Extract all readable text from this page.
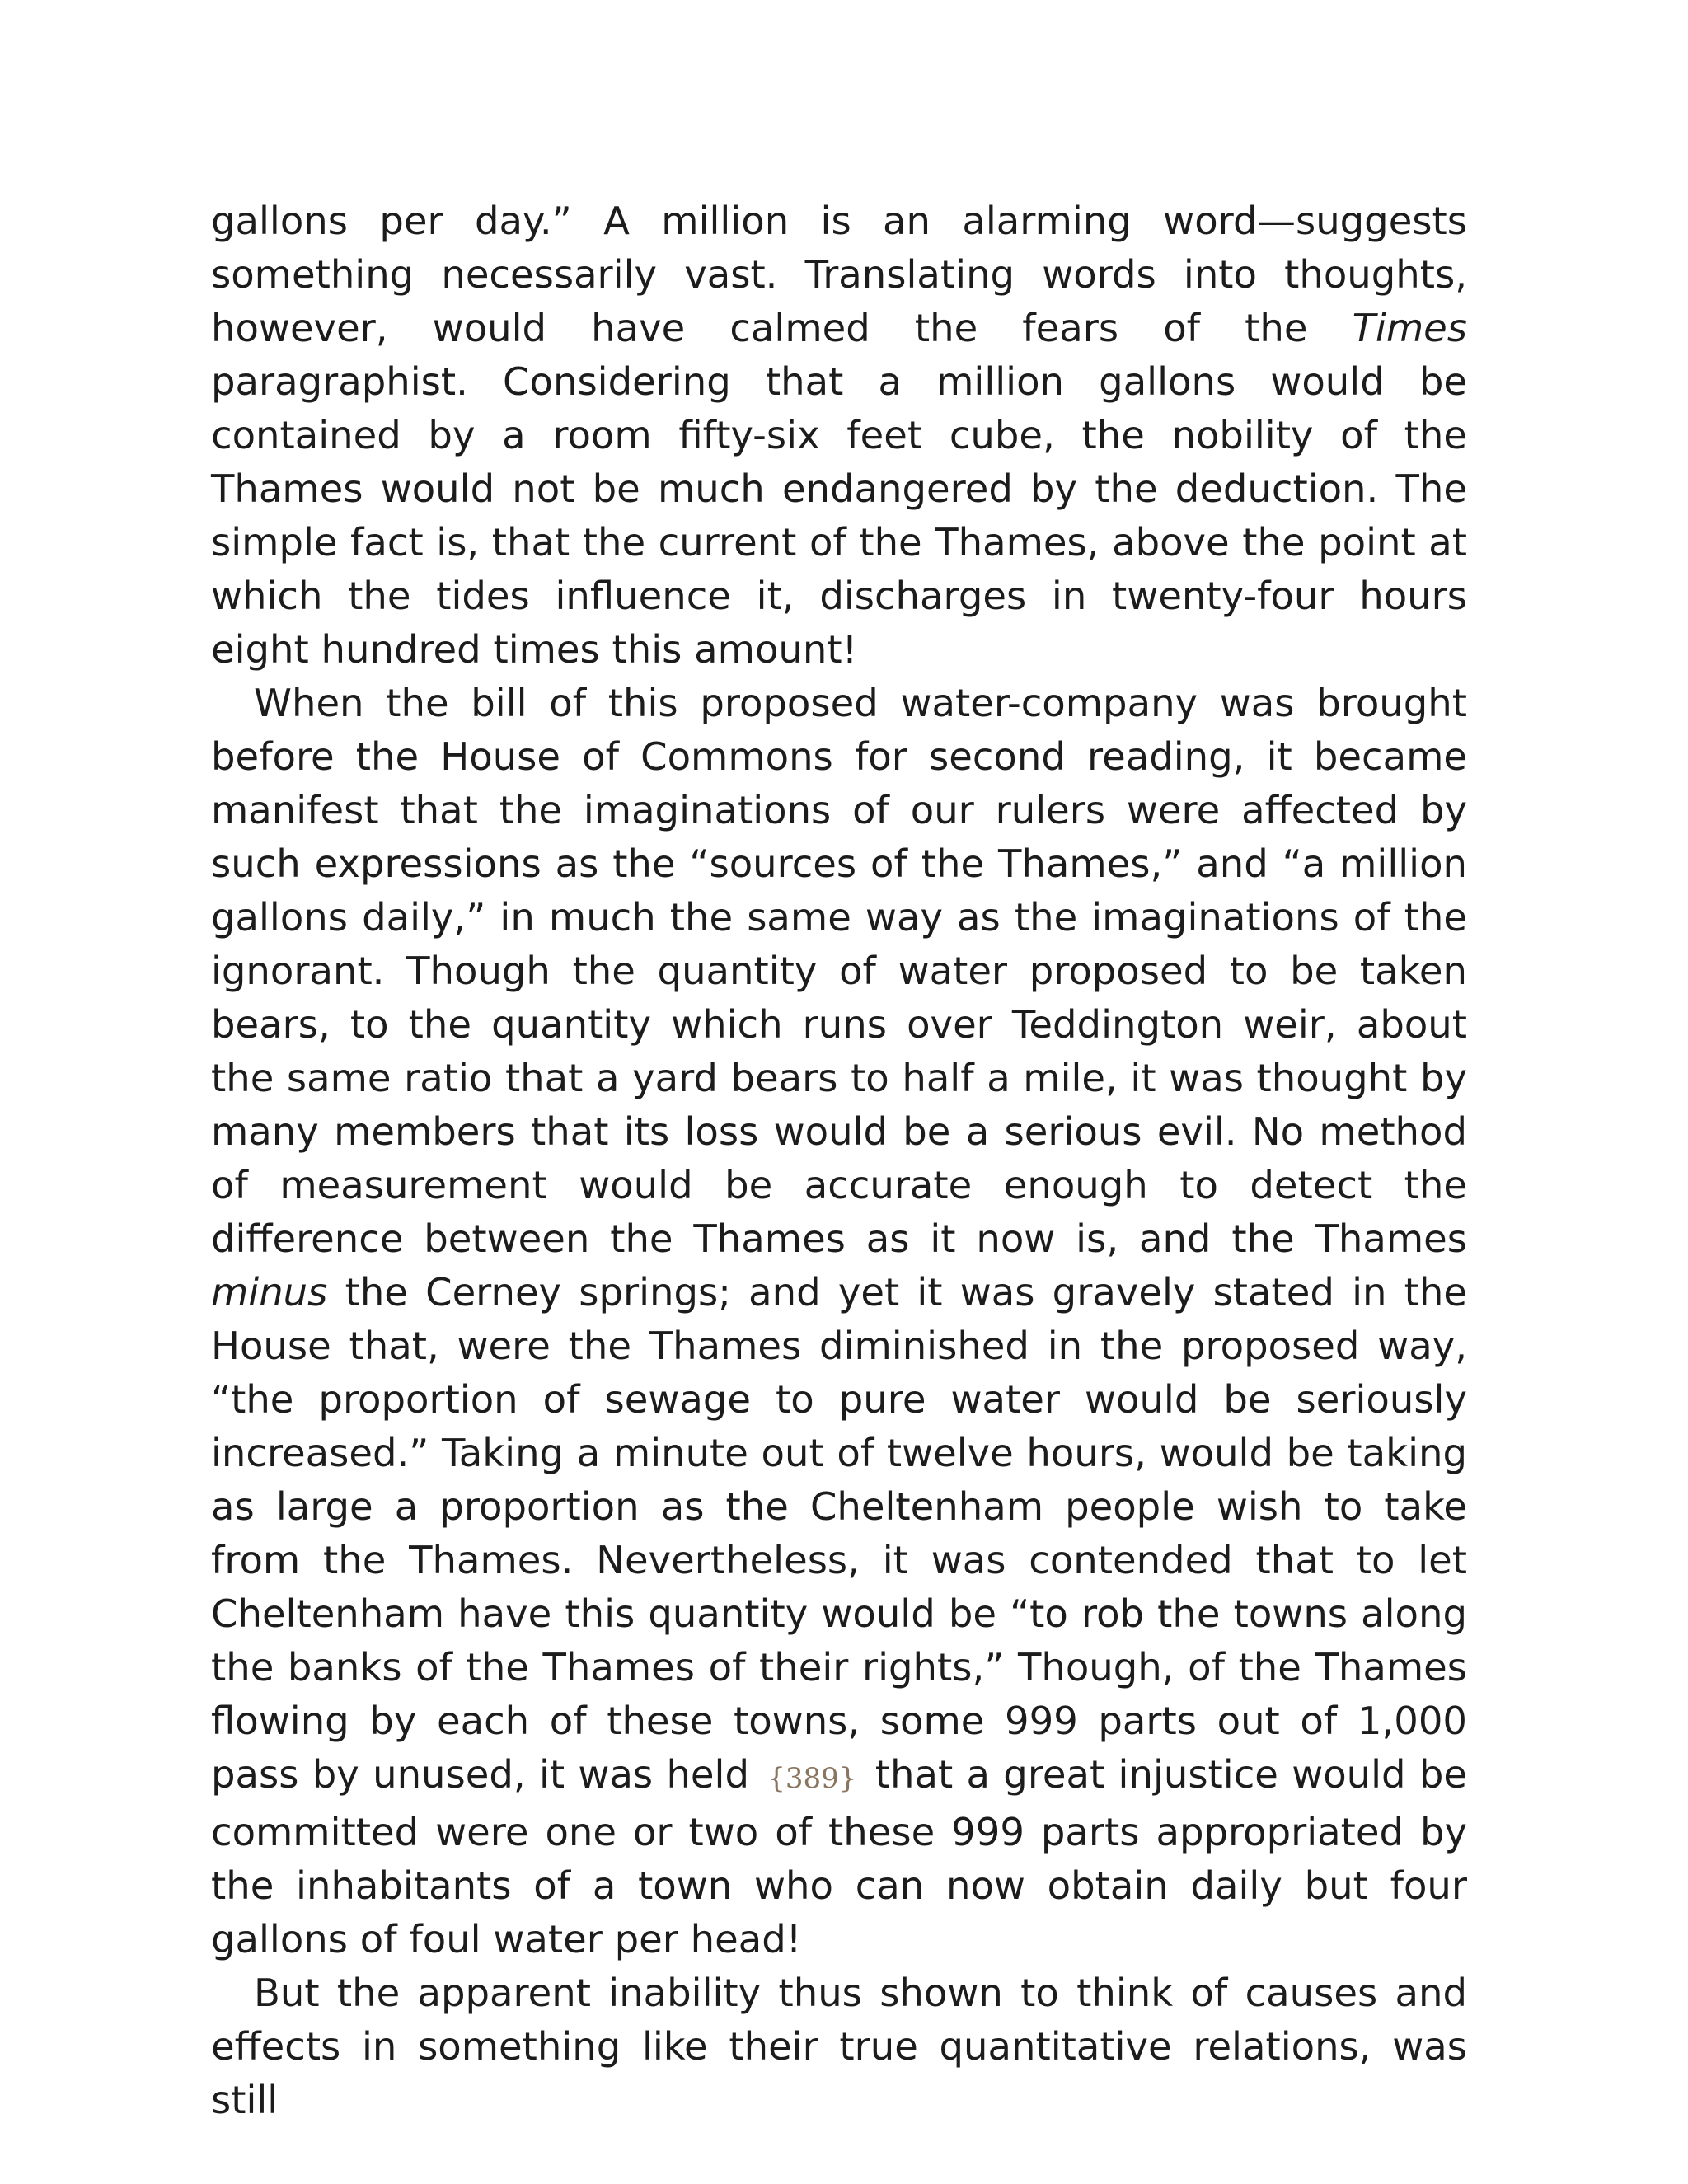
gallons per day.” A million is an alarming word—suggests something necessarily vast. Translating words into thoughts, however, would have calmed the fears of the Times paragraphist. Considering that a million gallons would be contained by a room fifty-six feet cube, the nobility of the Thames would not be much endangered by the deduction. The simple fact is, that the current of the Thames, above the point at which the tides influence it, discharges in twenty-four hours eight hundred times this amount!

When the bill of this proposed water-company was brought before the House of Commons for second reading, it became manifest that the imaginations of our rulers were affected by such expressions as the “sources of the Thames,” and “a million gallons daily,” in much the same way as the imaginations of the ignorant. Though the quantity of water proposed to be taken bears, to the quantity which runs over Teddington weir, about the same ratio that a yard bears to half a mile, it was thought by many members that its loss would be a serious evil. No method of measurement would be accurate enough to detect the difference between the Thames as it now is, and the Thames minus the Cerney springs; and yet it was gravely stated in the House that, were the Thames diminished in the proposed way, “the proportion of sewage to pure water would be seriously increased.” Taking a minute out of twelve hours, would be taking as large a proportion as the Cheltenham people wish to take from the Thames. Nevertheless, it was contended that to let Cheltenham have this quantity would be “to rob the towns along the banks of the Thames of their rights,” Though, of the Thames flowing by each of these towns, some 999 parts out of 1,000 pass by unused, it was held {389} that a great injustice would be committed were one or two of these 999 parts appropriated by the inhabitants of a town who can now obtain daily but four gallons of foul water per head!

But the apparent inability thus shown to think of causes and effects in something like their true quantitative relations, was still
